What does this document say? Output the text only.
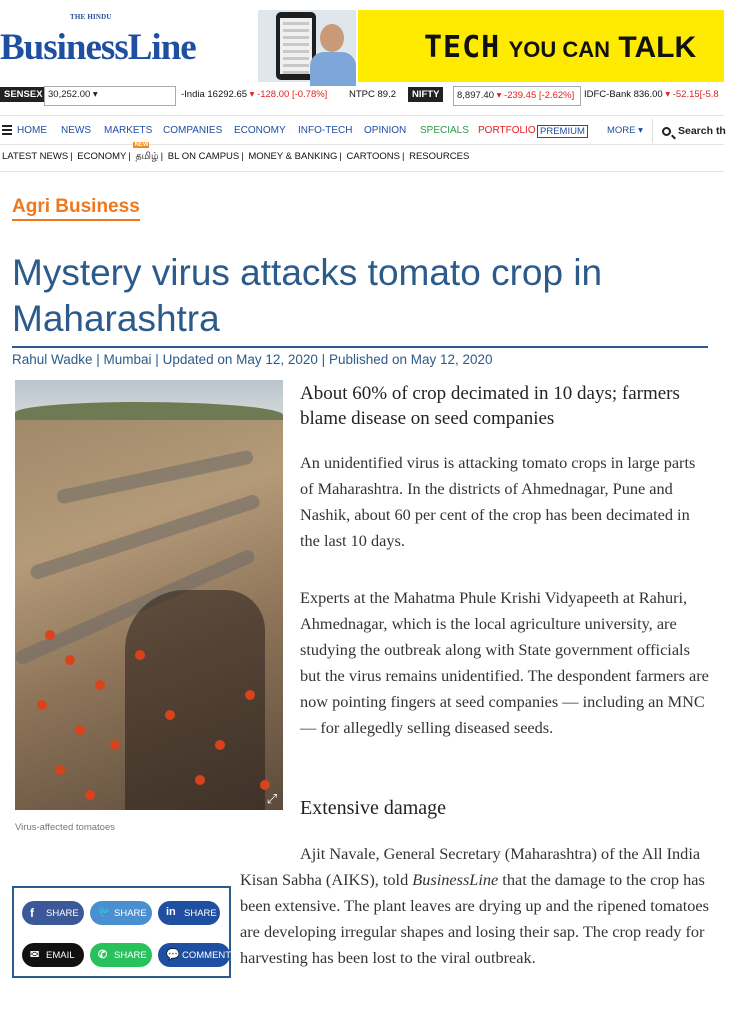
THE HINDU
BusinessLine	TECH YOU CAN TALK
SENSEX 30,252.00 ▾	-India 16292.65 ▾ -128.00 [-0.78%] NTPC 89.2	NIFTY	8,897.40 ▾ -239.45 [-2.62%]	IDFC-Bank 836.00 ▾ -52.15[-5.8
HOME NEWS MARKETS COMPANIES ECONOMY INFO-TECH OPINION SPECIALS PORTFOLIO PREMIUM	MORE ▾	Search th
LATEST NEWS | ECONOMY |
NEW
தமிழ் | BL ON CAMPUS | MONEY & BANKING | CARTOONS | RESOURCES
Agri Business
Mystery virus attacks tomato crop in Maharashtra
Rahul Wadke | Mumbai | Updated on May 12, 2020 | Published on May 12, 2020
⤢
Virus-affected tomatoes
About 60% of crop decimated in 10 days; farmers blame disease on seed companies

An unidentified virus is attacking tomato crops in large parts of Maharashtra. In the districts of Ahmednagar, Pune and Nashik, about 60 per cent of the crop has been decimated in the last 10 days.

Experts at the Mahatma Phule Krishi Vidyapeeth at Rahuri, Ahmednagar, which is the local agriculture university, are studying the outbreak along with State government officials but the virus remains unidentified. The despondent farmers are now pointing fingers at seed companies — including an MNC — for allegedly selling diseased seeds.

Extensive damage

Ajit Navale, General Secretary (Maharashtra) of the All India Kisan Sabha (AIKS), told BusinessLine that the damage to the crop has been extensive. The plant leaves are drying up and the ripened tomatoes are developing irregular shapes and losing their sap. The crop ready for harvesting has been lost to the viral outbreak.

f SHARE 🐦 SHARE in SHARE
✉ EMAIL ✆ SHARE 💬 COMMENTS
